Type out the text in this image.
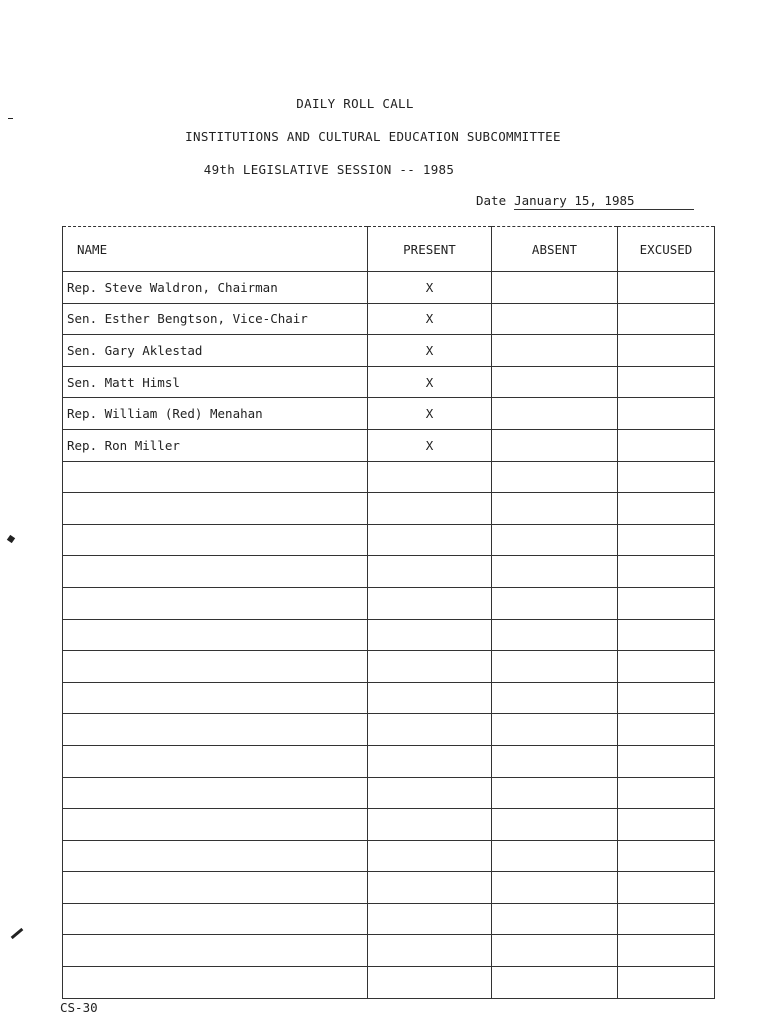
DAILY ROLL CALL
INSTITUTIONS AND CULTURAL EDUCATION SUBCOMMITTEE
49th LEGISLATIVE SESSION -- 1985
Date January 15, 1985
NAME	PRESENT	ABSENT	EXCUSED
Rep. Steve Waldron, Chairman	X		
Sen. Esther Bengtson, Vice-Chair	X		
Sen. Gary Aklestad	X		
Sen. Matt Himsl	X		
Rep. William (Red) Menahan	X		
Rep. Ron Miller	X		

CS-30
